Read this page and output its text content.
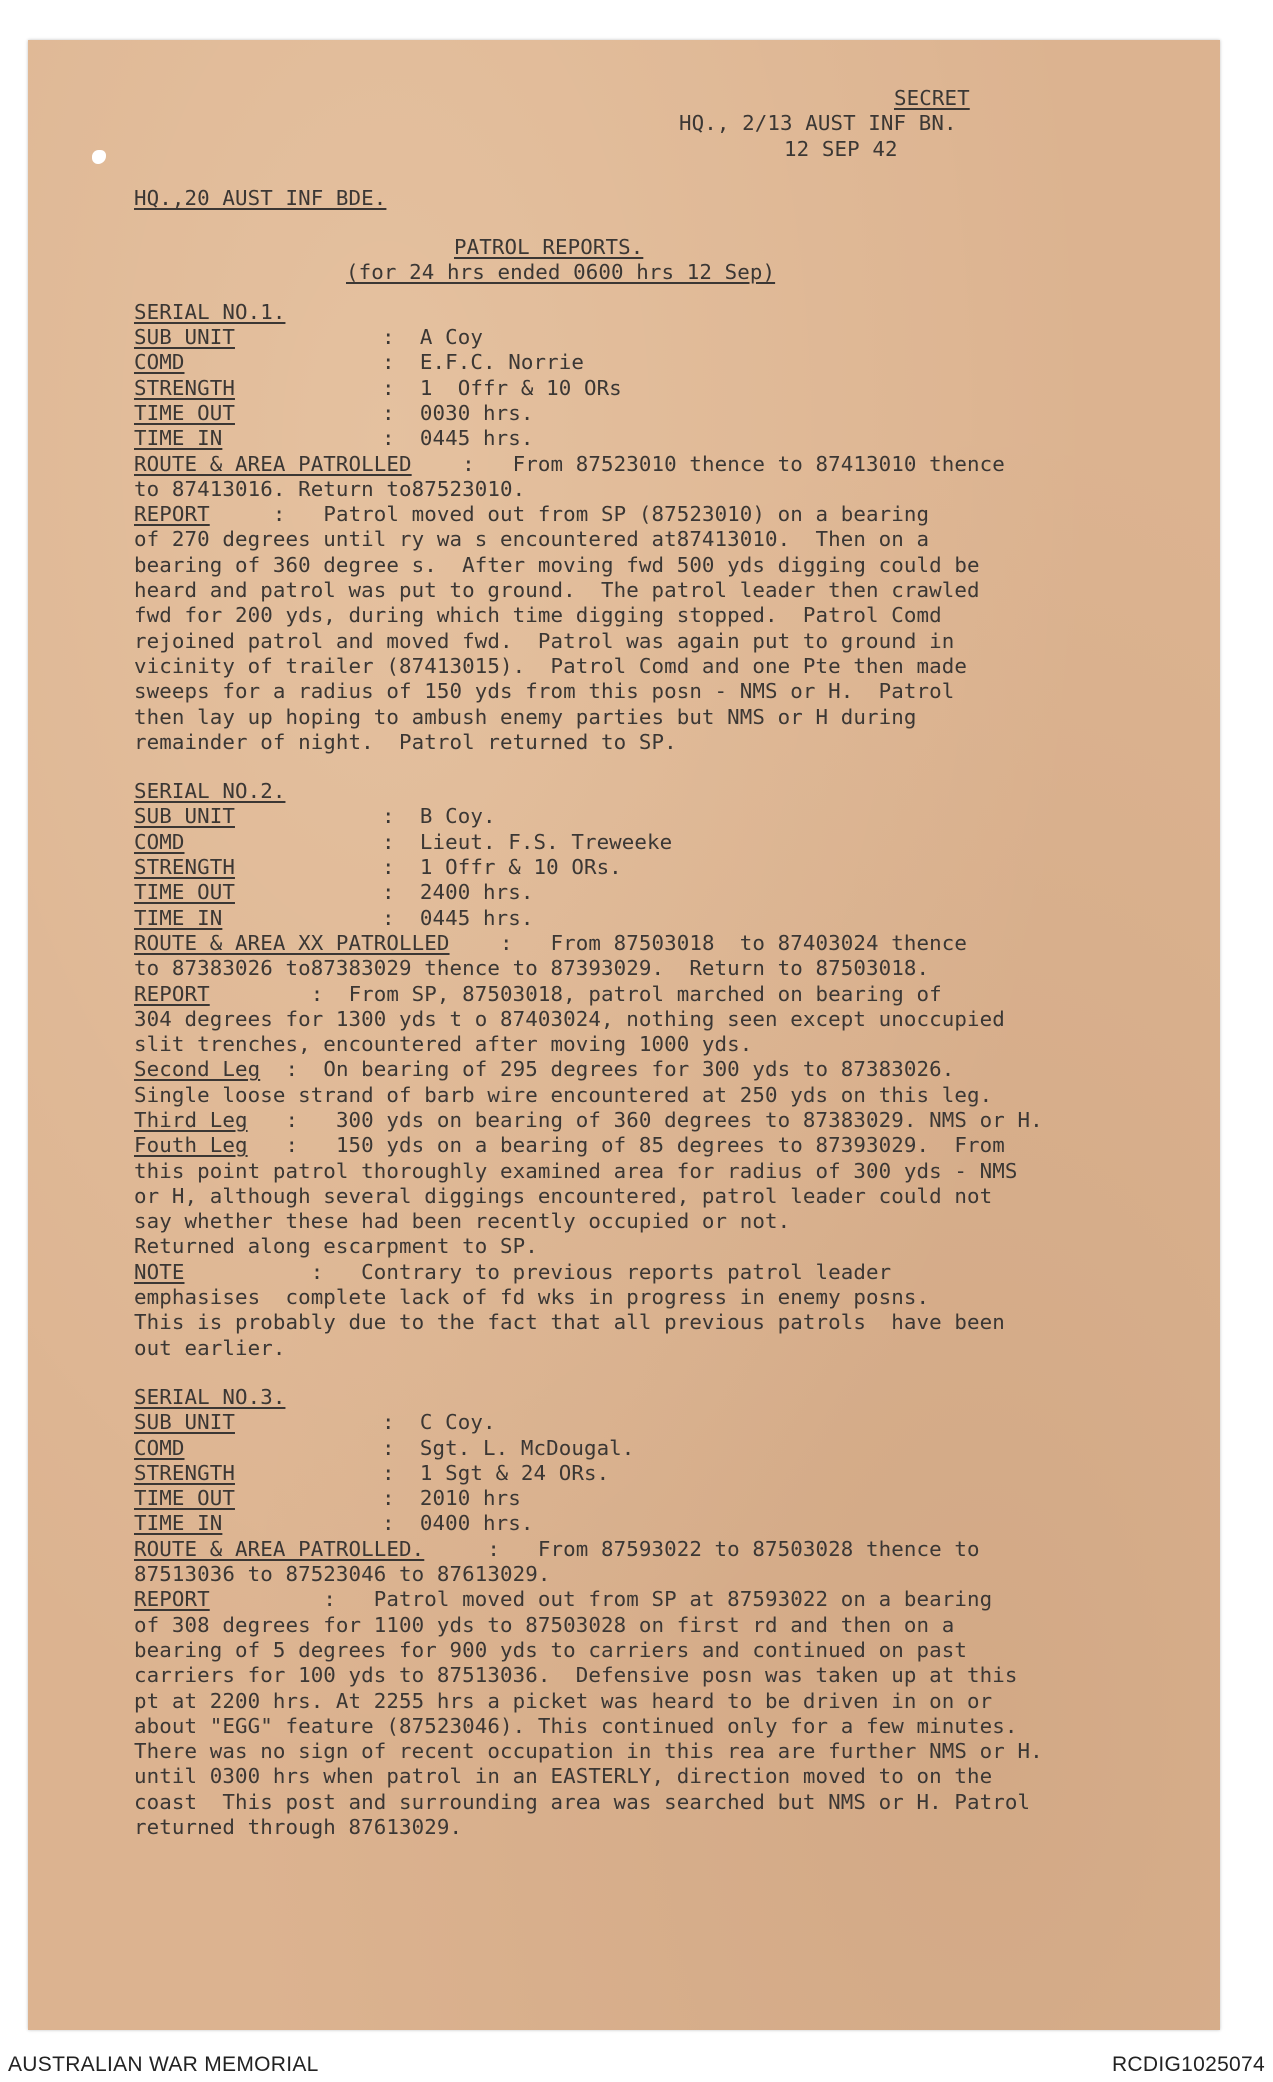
SECRET
HQ., 2/13 AUST INF BN.
12 SEP 42
HQ.,20 AUST INF BDE.
PATROL REPORTS.
(for 24 hrs ended 0600 hrs 12 Sep)
SERIAL NO.1.
SUB UNIT	:  A Coy
COMD	:  E.F.C. Norrie
STRENGTH	:  1  Offr & 10 ORs
TIME OUT	:  0030 hrs.
TIME IN	:  0445 hrs.
ROUTE & AREA PATROLLED    :   From 87523010 thence to 87413010 thence
to 87413016. Return to87523010.
REPORT     :   Patrol moved out from SP (87523010) on a bearing
of 270 degrees until ry wa s encountered at87413010.  Then on a
bearing of 360 degree s.  After moving fwd 500 yds digging could be
heard and patrol was put to ground.  The patrol leader then crawled
fwd for 200 yds, during which time digging stopped.  Patrol Comd
rejoined patrol and moved fwd.  Patrol was again put to ground in
vicinity of trailer (87413015).  Patrol Comd and one Pte then made
sweeps for a radius of 150 yds from this posn - NMS or H.  Patrol
then lay up hoping to ambush enemy parties but NMS or H during
remainder of night.  Patrol returned to SP.
SERIAL NO.2.
SUB UNIT	:  B Coy.
COMD	:  Lieut. F.S. Treweeke
STRENGTH	:  1 Offr & 10 ORs.
TIME OUT	:  2400 hrs.
TIME IN	:  0445 hrs.
ROUTE & AREA XX PATROLLED    :   From 87503018  to 87403024 thence
to 87383026 to87383029 thence to 87393029.  Return to 87503018.
REPORT        :  From SP, 87503018, patrol marched on bearing of
304 degrees for 1300 yds t o 87403024, nothing seen except unoccupied
slit trenches, encountered after moving 1000 yds.
Second Leg  :  On bearing of 295 degrees for 300 yds to 87383026.
Single loose strand of barb wire encountered at 250 yds on this leg.
Third Leg   :   300 yds on bearing of 360 degrees to 87383029. NMS or H.
Fouth Leg   :   150 yds on a bearing of 85 degrees to 87393029.  From
this point patrol thoroughly examined area for radius of 300 yds - NMS
or H, although several diggings encountered, patrol leader could not
say whether these had been recently occupied or not.
Returned along escarpment to SP.
NOTE          :   Contrary to previous reports patrol leader
emphasises  complete lack of fd wks in progress in enemy posns.
This is probably due to the fact that all previous patrols  have been
out earlier.
SERIAL NO.3.
SUB UNIT	:  C Coy.
COMD	:  Sgt. L. McDougal.
STRENGTH	:  1 Sgt & 24 ORs.
TIME OUT	:  2010 hrs
TIME IN	:  0400 hrs.
ROUTE & AREA PATROLLED.     :   From 87593022 to 87503028 thence to
87513036 to 87523046 to 87613029.
REPORT         :   Patrol moved out from SP at 87593022 on a bearing
of 308 degrees for 1100 yds to 87503028 on first rd and then on a
bearing of 5 degrees for 900 yds to carriers and continued on past
carriers for 100 yds to 87513036.  Defensive posn was taken up at this
pt at 2200 hrs. At 2255 hrs a picket was heard to be driven in on or
about "EGG" feature (87523046). This continued only for a few minutes.
There was no sign of recent occupation in this rea are further NMS or H.
until 0300 hrs when patrol in an EASTERLY, direction moved to on the
coast  This post and surrounding area was searched but NMS or H. Patrol
returned through 87613029.
AUSTRALIAN WAR MEMORIAL	RCDIG1025074
